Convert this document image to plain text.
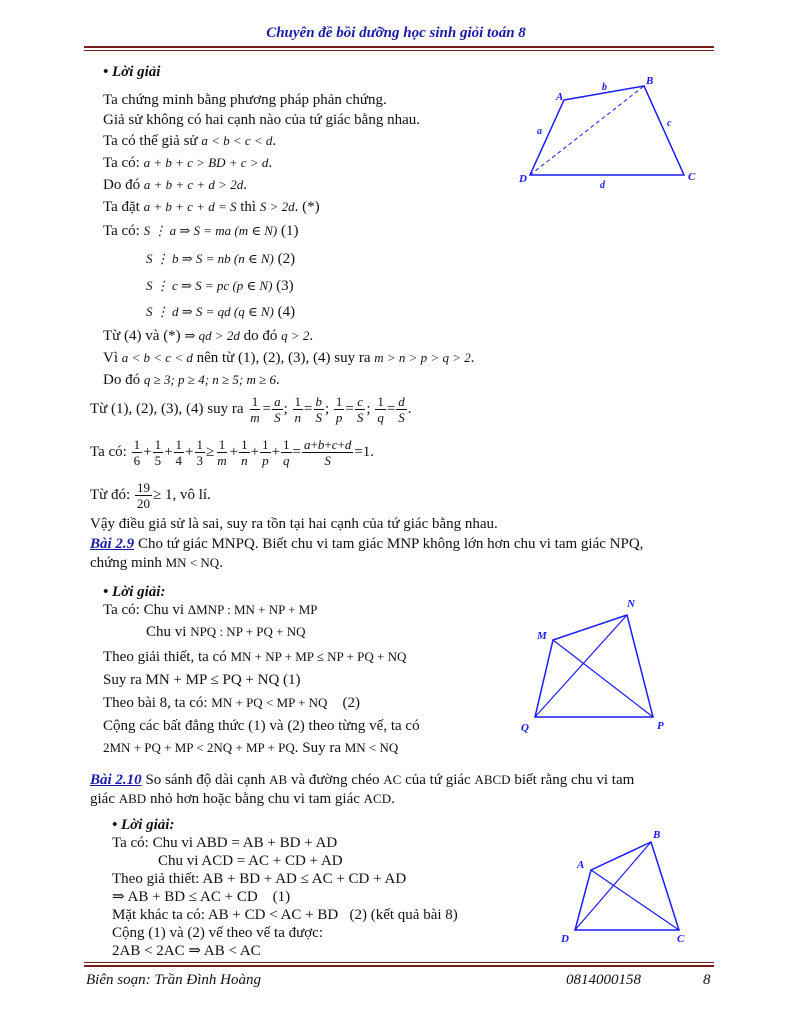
Chuyên đề bồi dưỡng học sinh giỏi toán 8
• Lời giải
Ta chứng minh bằng phương pháp phản chứng.
Giả sử không có hai cạnh nào của tứ giác bằng nhau.
Ta có thể giả sử a < b < c < d.
Ta có: a + b + c > BD + c > d.
Do đó a + b + c + d > 2d.
Ta đặt a + b + c + d = S thì S > 2d. (*)
Ta có: S ⋮ a ⇒ S = ma (m ∈ N) (1)
S ⋮ b ⇒ S = nb (n ∈ N) (2)
S ⋮ c ⇒ S = pc (p ∈ N) (3)
S ⋮ d ⇒ S = qd (q ∈ N) (4)
Từ (4) và (*) ⇒ qd > 2d do đó q > 2.
Vì a < b < c < d nên từ (1), (2), (3), (4) suy ra m > n > p > q > 2.
Do đó q ≥ 3; p ≥ 4; n ≥ 5; m ≥ 6.
Từ (1), (2), (3), (4) suy ra $\frac{1}{m} = \frac{a}{S}$ ; $\frac{1}{n} = \frac{b}{S}$ ; $\frac{1}{p} = \frac{c}{S}$ ; $\frac{1}{q} = \frac{d}{S}$ .
Ta có: $\frac{1}{6} + \frac{1}{5} + \frac{1}{4} + \frac{1}{3} \ge \frac{1}{m} + \frac{1}{n} + \frac{1}{p} + \frac{1}{q} = \frac{a+b+c+d}{S} =1$.
Từ đó: $\frac{19}{20} \ge 1$, vô lí.
Vậy điều giả sử là sai, suy ra tồn tại hai cạnh của tứ giác bằng nhau.
A
B
C
D
a
b
c
d
Bài 2.9 Cho tứ giác MNPQ. Biết chu vi tam giác MNP không lớn hơn chu vi tam giác NPQ,
chứng minh MN < NQ.
• Lời giải:
Ta có: Chu vi ΔMNP : MN + NP + MP
Chu vi NPQ : NP + PQ + NQ
Theo giải thiết, ta có MN + NP + MP ≤ NP + PQ + NQ
Suy ra MN + MP ≤ PQ + NQ (1)
Theo bài 8, ta có: MN + PQ < MP + NQ (2)
Cộng các bất đẳng thức (1) và (2) theo từng vế, ta có
2MN + PQ + MP < 2NQ + MP + PQ. Suy ra MN < NQ
M
N
P
Q
Bài 2.10 So sánh độ dài cạnh AB và đường chéo AC của tứ giác ABCD biết rằng chu vi tam
giác ABD nhỏ hơn hoặc bằng chu vi tam giác ACD.
• Lời giải:
Ta có: Chu vi ABD = AB + BD + AD
Chu vi ACD = AC + CD + AD
Theo giả thiết: AB + BD + AD ≤ AC + CD + AD
⇒ AB + BD ≤ AC + CD (1)
Mặt khác ta có: AB + CD < AC + BD (2) (kết quả bài 8)
Cộng (1) và (2) vế theo vế ta được:
2AB < 2AC ⇒ AB < AC
A
B
C
D
Biên soạn: Trần Đình Hoàng	0814000158	8
